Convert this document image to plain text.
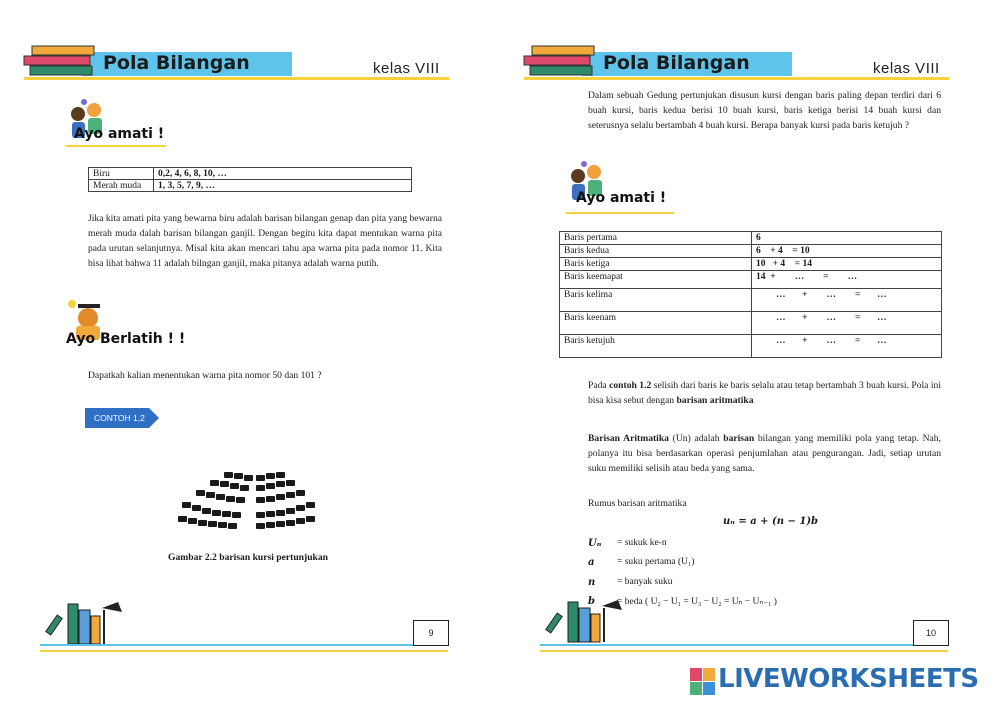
Pola Bilangan	kelas VIII
Ayo amati !
Biru	0,2, 4, 6, 8, 10, …
Merah muda	1, 3, 5, 7, 9, …
Jika kita amati pita yang bewarna biru adalah barisan bilangan genap dan pita yang bewarna merah muda dalah barisan bilangan ganjil. Dengan begitu kita dapat mentukan warna pita pada urutan selanjutnya. Misal kita akan mencari tahu apa warna pita pada nomor 11. Kita bisa lihat bahwa 11 adalah bilngan ganjil, maka pitanya adalah warna putih.
Ayo Berlatih ! !
Dapatkah kalian menentukan warna pita nomor 50 dan 101 ?
CONTOH 1,2
Gambar 2.2 barisan kursi pertunjukan
9
Pola Bilangan	kelas VIII
Dalam sebuah Gedung pertunjukan disusun kursi dengan baris paling depan terdiri dari 6 buah kursi, baris kedua berisi 10 buah kursi, baris ketiga berisi 14 buah kursi dan seterusnya selalu bertambah 4 buah kursi. Berapa banyak kursi pada baris ketujuh ?
Ayo amati !
Baris pertama	6
Baris kedua	6    + 4    = 10
Baris ketiga	10   + 4    = 14
Baris keemapat	14  +        …        =        …
Baris kelima	…       +        …        =       …
Baris keenam	…       +        …        =       …
Baris ketujuh	…       +        …        =       …
Pada contoh 1.2 selisih dari baris ke baris selalu atau tetap bertambah 3 buah kursi. Pola ini bisa kisa sebut dengan barisan aritmatika
Barisan Aritmatika (Un) adalah barisan bilangan yang memiliki pola yang tetap. Nah, polanya itu bisa berdasarkan operasi penjumlahan atau pengurangan. Jadi, setiap urutan suku memiliki selisih atau beda yang sama.
Rumus barisan aritmatika
uₙ = a + (n − 1)b
Uₙ = sukuk ke-n
a = suku pertama (U₁)
n = banyak suku
b = beda ( U₂ − U₁ = U₃ − U₂ = Uₙ − Uₙ₋₁ )
10
LIVEWORKSHEETS
